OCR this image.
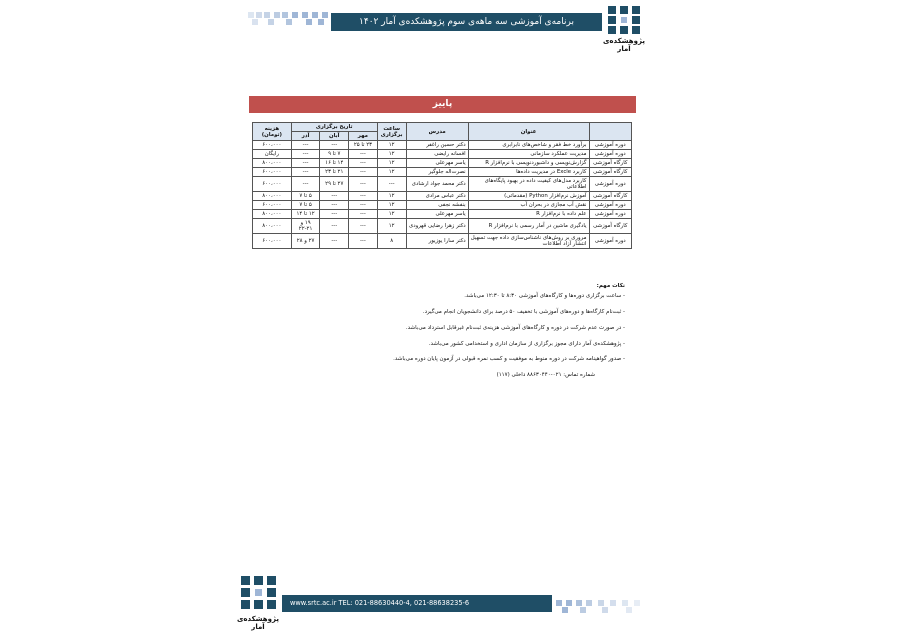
برنامه‌ی آموزشی سه ماهه‌ی سوم پژوهشکده‌ی آمار ۱۴۰۲
پژوهشکده‌ی آمار
پاییز
	عنوان	مدرس	ساعت برگزاری	تاریخ برگزاری			هزینه (تومان)
				مهر	آبان	آذر	
دوره آموزشی	برآورد خط فقر و شاخص‌های نابرابری	دکتر حسین راغفر	۱۲	۲۳ تا ۲۵	---	---	۶۰۰،۰۰۰
دوره آموزشی	مدیریت عملکرد سازمانی	افسانه رایضی	۱۲	---	۷ تا ۹	---	رایگان
کارگاه آموزشی	گزارش‌نویسی و داشبوردنویسی با نرم‌افزار R	یاسر مهرعلی	۱۲	---	۱۴ تا ۱۶	---	۸۰۰،۰۰۰
کارگاه آموزشی	کاربرد Excle در مدیریت داده‌ها	نصرت‌اله جلوگیر	۱۲	---	۲۱ تا ۲۳	---	۶۰۰،۰۰۰
دوره آموزشی	کاربرد مدل‌های کیفیت داده در بهبود پایگاه‌های اطلاعاتی	دکتر محمد جواد ارشادی	---	---	۲۷ تا ۲۹	---	۶۰۰،۰۰۰
کارگاه آموزشی	آموزش نرم‌افزار Python (مقدماتی)	دکتر عباس مرادی	۱۲	---	---	۵ تا ۷	۸۰۰،۰۰۰
دوره آموزشی	نقش آب مجازی در بحران آب	بنفشه نجفی	۱۲	---	---	۵ تا ۷	۶۰۰،۰۰۰
دوره آموزشی	علم داده با نرم‌افزار R	یاسر مهرعلی	۱۲	---	---	۱۲ تا ۱۴	۸۰۰،۰۰۰
کارگاه آموزشی	یادگیری ماشین در آمار رسمی با نرم‌افزار R	دکتر زهرا رضایی قهرودی	۱۲	---	---	۱۹ و ۲۱-۲۲	۸۰۰،۰۰۰
دوره آموزشی	مروری بر روش‌های ناشناس‌سازی داده جهت تسهیل انتشار آزاد اطلاعات	دکتر سارا یوزیور	۸	---	---	۲۷ و ۲۸	۶۰۰،۰۰۰
نکات مهم:
- ساعت برگزاری دوره‌ها و کارگاه‌های آموزشی ۸:۳۰ تا ۱۲:۳۰ می‌باشد.
- ثبت‌نام کارگاه‌ها و دوره‌های آموزشی با تخفیف ۵۰ درصد برای دانشجویان انجام می‌گیرد.
- در صورت عدم شرکت در دوره و کارگاه‌های آموزشی هزینه‌ی ثبت‌نام غیرقابل استرداد می‌باشد.
- پژوهشکده‌ی آمار دارای مجوز برگزاری از سازمان اداری و استخدامی کشور می‌باشد.
- صدور گواهینامه شرکت در دوره منوط به موفقیت و کسب نمره قبولی در آزمون پایان دوره می‌باشد.
شماره تماس: ۰۲۱-۸۸۶۳۰۴۴۰ داخلی (۱۱۷)
پژوهشکده‌ی آمار
www.srtc.ac.ir TEL: 021-88630440-4, 021-88638235-6
